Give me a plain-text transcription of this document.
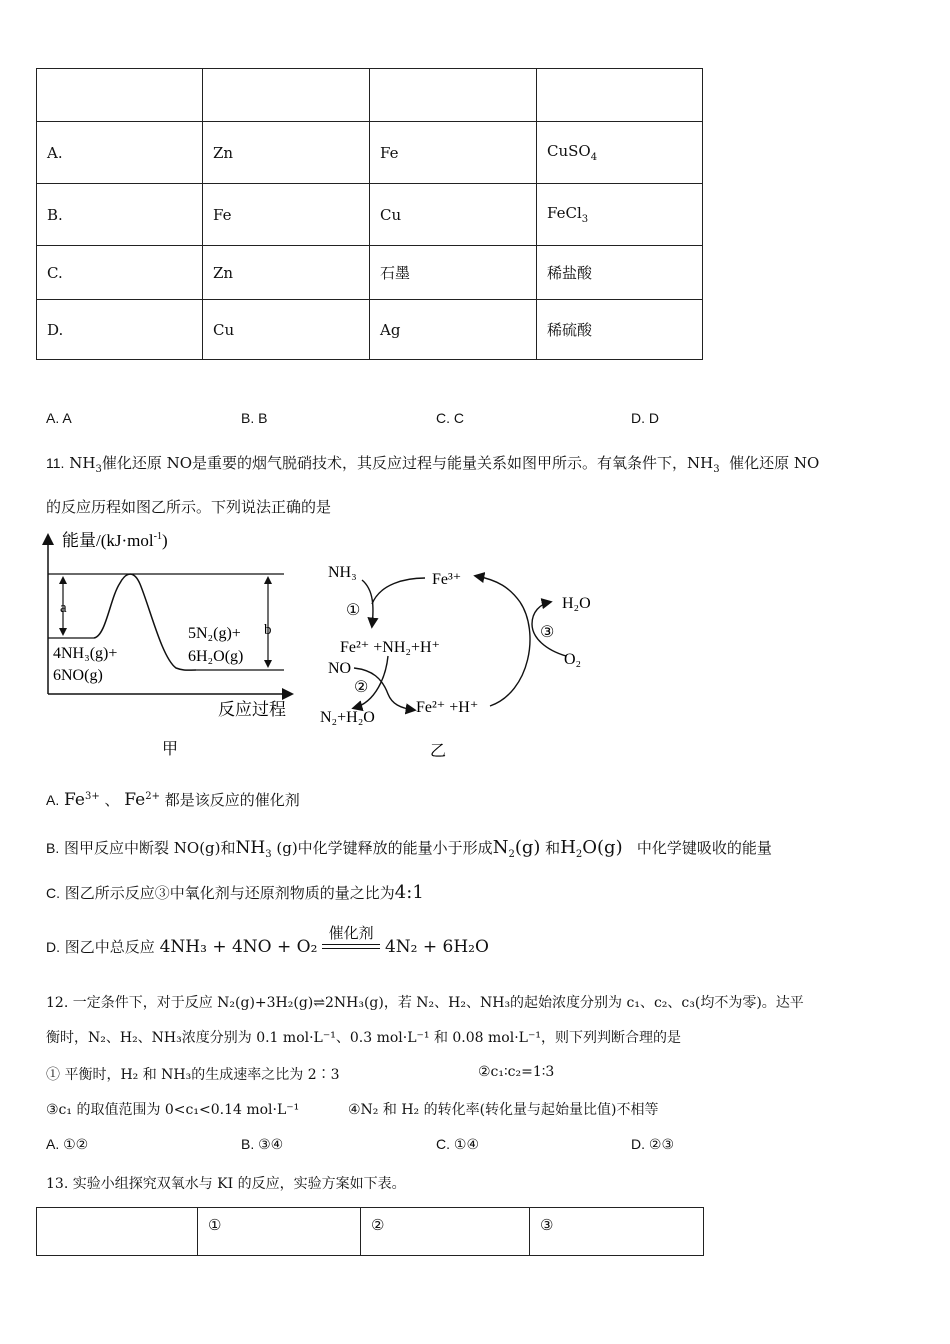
A.	Zn	Fe	CuSO$_4$
B.	Fe	Cu	FeCl$_3$
C.	Zn	石墨	稀盐酸
D.	Cu	Ag	稀硫酸
A. A	B. B	C. C	D. D
11. $NH_3$催化还原 NO是重要的烟气脱硝技术，其反应过程与能量关系如图甲所示。有氧条件下，$NH_3$ 催化还原 NO
的反应历程如图乙所示。下列说法正确的是
能量/(kJ·mol$^{-1}$)
a
b
4NH₃(g)+
6NO(g)
5N₂(g)+
6H₂O(g)
反应过程
甲
NH₃	Fe³⁺
①
Fe²⁺ +NH₂+H⁺
NO
②
Fe²⁺ +H⁺
N₂+H₂O
H₂O
③
O₂
乙
A. $Fe^{3+}$ 、 $Fe^{2+}$ 都是该反应的催化剂
B. 图甲反应中断裂 NO(g)和$NH_3$ (g)中化学键释放的能量小于形成$N_2(g)$ 和$H_2O(g)$ 中化学键吸收的能量
C. 图乙所示反应③中氧化剂与还原剂物质的量之比为4:1
D. 图乙中总反应 4NH₃ + 4NO + O₂
催化剂
4N₂ + 6H₂O
12. 一定条件下，对于反应 N₂(g)+3H₂(g)⇌2NH₃(g)，若 N₂、H₂、NH₃的起始浓度分别为 c₁、c₂、c₃(均不为零)。达平
衡时，N₂、H₂、NH₃浓度分别为 0.1 mol·L⁻¹、0.3 mol·L⁻¹ 和 0.08 mol·L⁻¹，则下列判断合理的是
① 平衡时，H₂ 和 NH₃的生成速率之比为 2∶3	②c₁∶c₂=1∶3
③c₁ 的取值范围为 0<c₁<0.14 mol·L⁻¹	④N₂ 和 H₂ 的转化率(转化量与起始量比值)不相等
A. ①②	B. ③④	C. ①④	D. ②③
13. 实验小组探究双氧水与 KI 的反应，实验方案如下表。
	①	②	③
